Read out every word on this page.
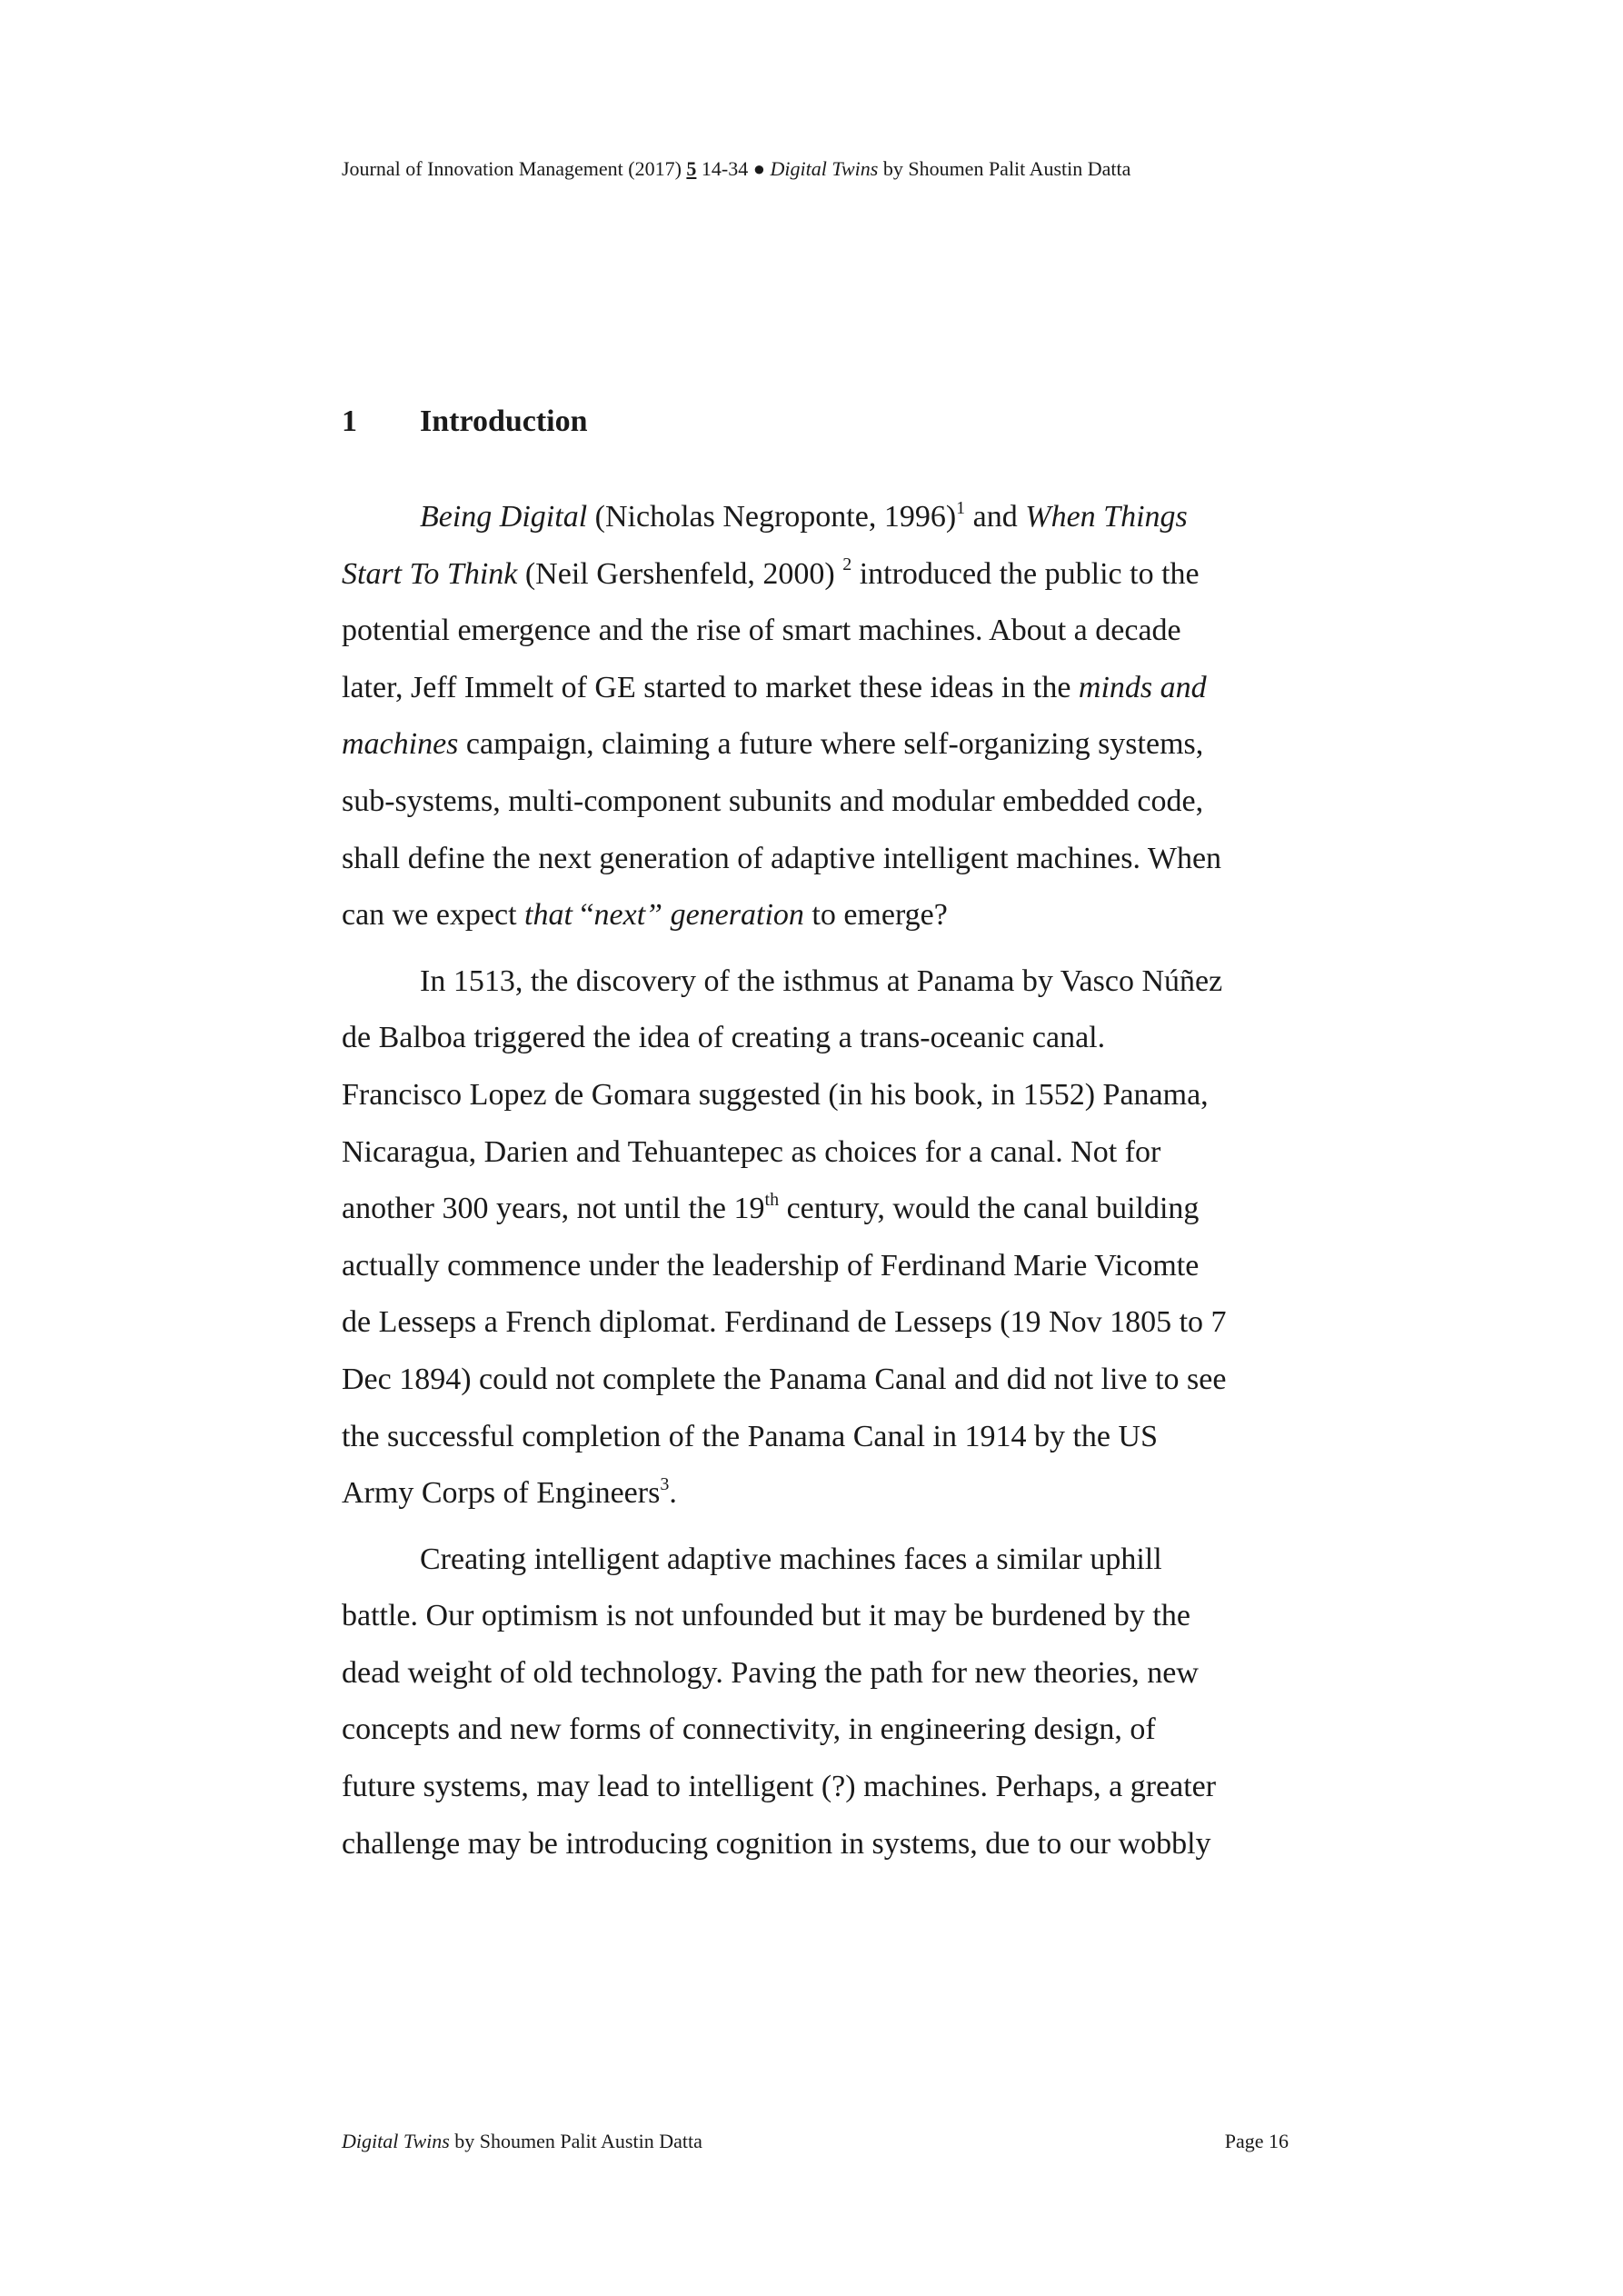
Journal of Innovation Management (2017) 5 14-34 ● Digital Twins by Shoumen Palit Austin Datta
1 Introduction
Being Digital (Nicholas Negroponte, 1996)$^1$ and When Things
Start To Think (Neil Gershenfeld, 2000) $^2$ introduced the public to the
potential emergence and the rise of smart machines. About a decade
later, Jeff Immelt of GE started to market these ideas in the minds and
machines campaign, claiming a future where self-organizing systems,
sub-systems, multi-component subunits and modular embedded code,
shall define the next generation of adaptive intelligent machines. When
can we expect that “next” generation to emerge?
In 1513, the discovery of the isthmus at Panama by Vasco Núñez
de Balboa triggered the idea of creating a trans-oceanic canal.
Francisco Lopez de Gomara suggested (in his book, in 1552) Panama,
Nicaragua, Darien and Tehuantepec as choices for a canal. Not for
another 300 years, not until the 19th century, would the canal building
actually commence under the leadership of Ferdinand Marie Vicomte
de Lesseps a French diplomat. Ferdinand de Lesseps (19 Nov 1805 to 7
Dec 1894) could not complete the Panama Canal and did not live to see
the successful completion of the Panama Canal in 1914 by the US
Army Corps of Engineers$^3$.
Creating intelligent adaptive machines faces a similar uphill
battle. Our optimism is not unfounded but it may be burdened by the
dead weight of old technology. Paving the path for new theories, new
concepts and new forms of connectivity, in engineering design, of
future systems, may lead to intelligent (?) machines. Perhaps, a greater
challenge may be introducing cognition in systems, due to our wobbly
Digital Twins by Shoumen Palit Austin Datta	Page 16
